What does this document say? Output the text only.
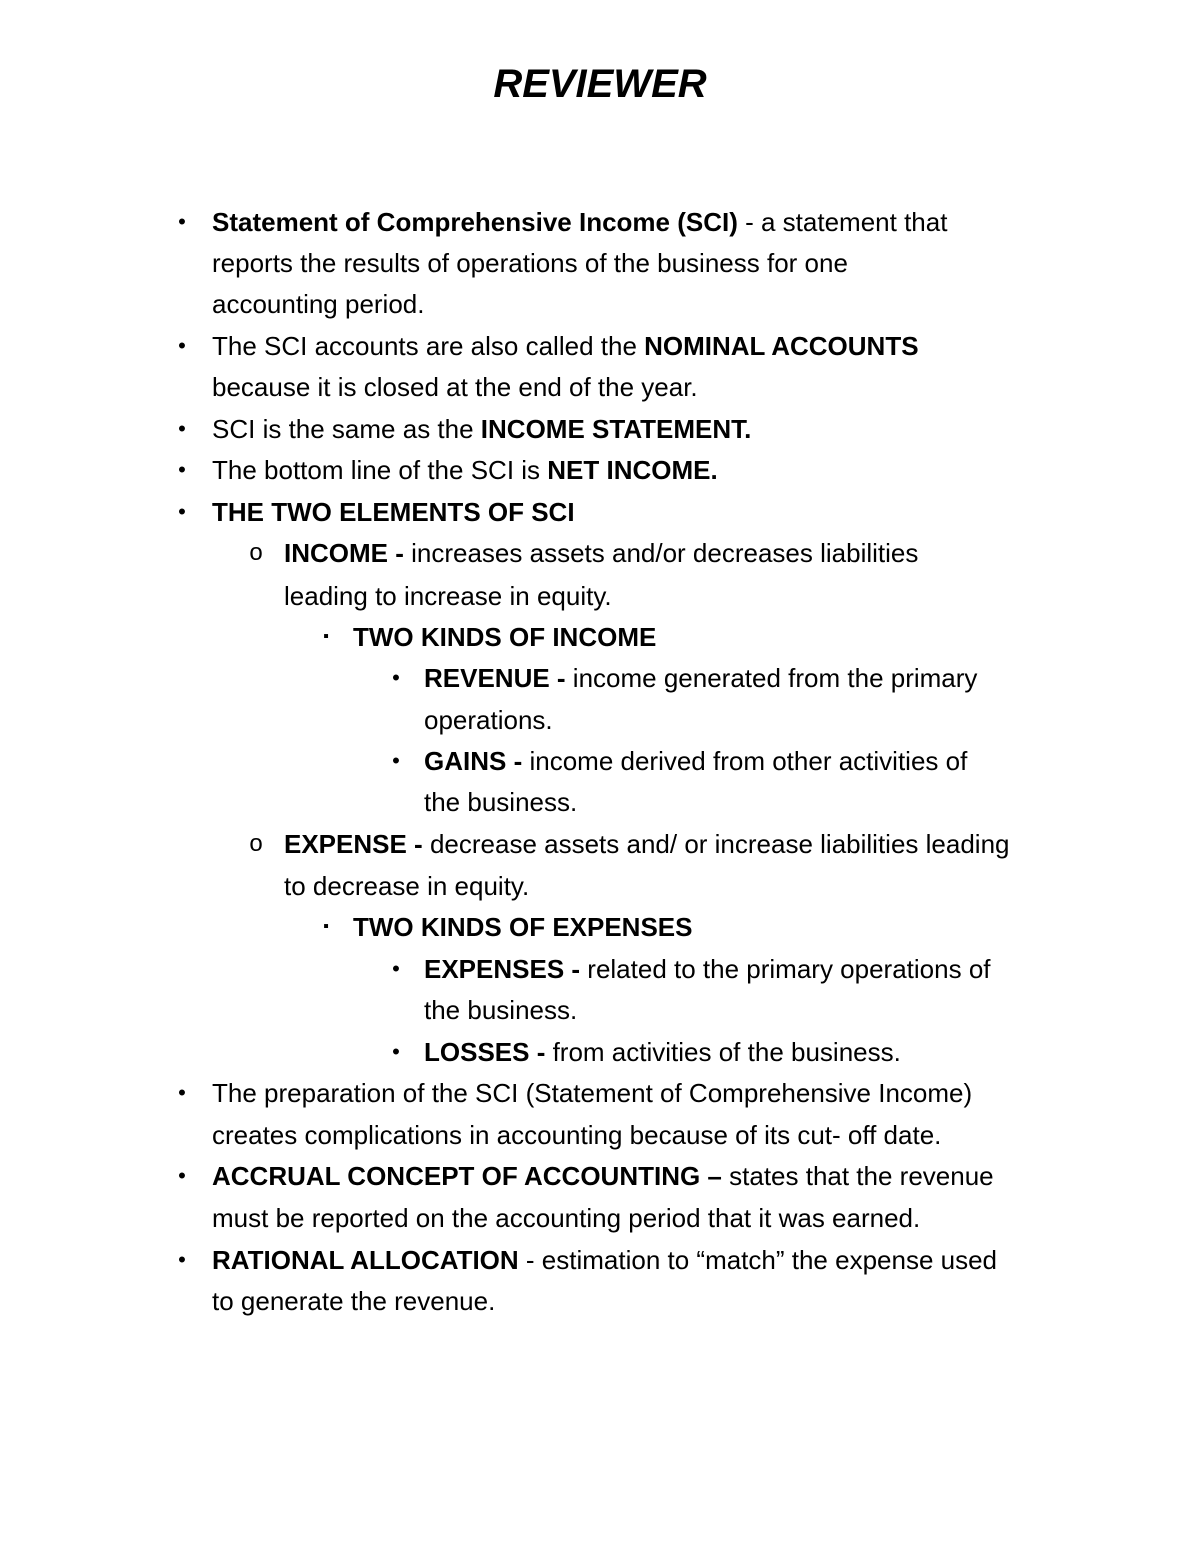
REVIEWER
•	Statement of Comprehensive Income (SCI) - a statement that
reports the results of operations of the business for one
accounting period.
•	The SCI accounts are also called the NOMINAL ACCOUNTS
because it is closed at the end of the year.
•	SCI is the same as the INCOME STATEMENT.
•	The bottom line of the SCI is NET INCOME.
•	THE TWO ELEMENTS OF SCI
o INCOME - increases assets and/or decreases liabilities
leading to increase in equity.
▪ TWO KINDS OF INCOME
• REVENUE - income generated from the primary
operations.
• GAINS - income derived from other activities of
the business.
o EXPENSE - decrease assets and/ or increase liabilities leading
to decrease in equity.
▪ TWO KINDS OF EXPENSES
• EXPENSES - related to the primary operations of
the business.
• LOSSES - from activities of the business.
•	The preparation of the SCI (Statement of Comprehensive Income)
creates complications in accounting because of its cut- off date.
•	ACCRUAL CONCEPT OF ACCOUNTING – states that the revenue
must be reported on the accounting period that it was earned.
•	RATIONAL ALLOCATION - estimation to “match” the expense used
to generate the revenue.
